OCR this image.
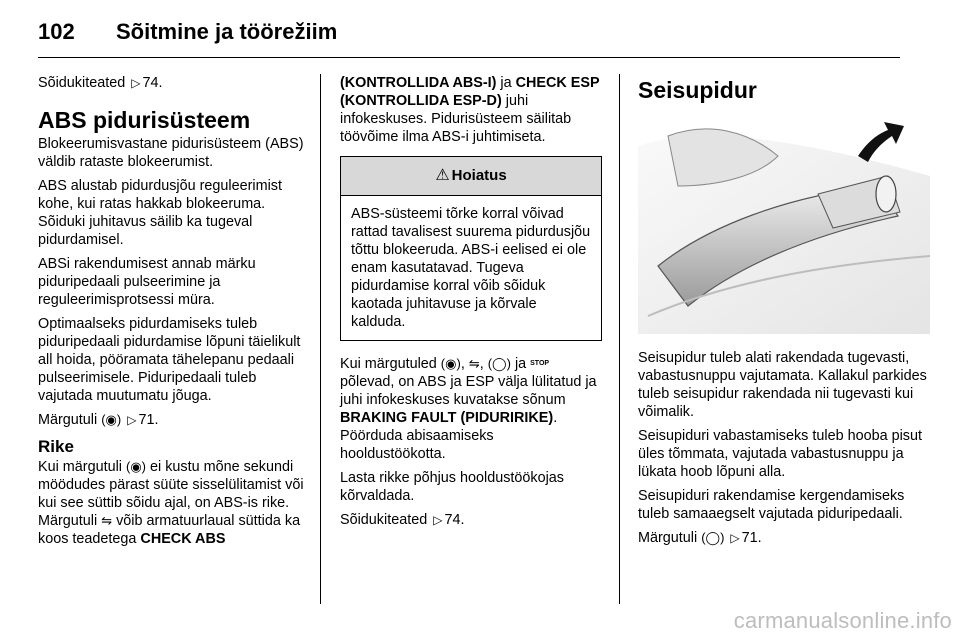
102	Sõitmine ja töörežiim

Sõidukiteated ▷ 74.

ABS pidurisüsteem

Blokeerumisvastane pidurisüsteem (ABS) väldib rataste blokeerumist.

ABS alustab pidurdusjõu reguleerimist kohe, kui ratas hakkab blokeeruma. Sõiduki juhitavus säilib ka tugeval pidurdamisel.

ABSi rakendumisest annab märku piduripedaali pulseerimine ja reguleerimisprotsessi müra.

Optimaalseks pidurdamiseks tuleb piduripedaali pidurdamise lõpuni täielikult all hoida, pööramata tähelepanu pedaali pulseerimisele. Piduripedaali tuleb vajutada muutumatu jõuga.

Märgutuli (◉) ▷ 71.

Rike

Kui märgutuli (◉) ei kustu mõne sekundi möödudes pärast süüte sisselülitamist või kui see süttib sõidu ajal, on ABS-is rike. Märgutuli ⇋ võib armatuurlaual süttida ka koos teadetega CHECK ABS

(KONTROLLIDA ABS-I) ja CHECK ESP (KONTROLLIDA ESP-D) juhi infokeskuses. Pidurisüsteem säilitab töövõime ilma ABS-i juhtimiseta.

⚠ Hoiatus
ABS-süsteemi tõrke korral võivad rattad tavalisest suurema pidurdusjõu tõttu blokeeruda. ABS-i eelised ei ole enam kasutatavad. Tugeva pidurdamise korral võib sõiduk kaotada juhitavuse ja kõrvale kalduda.

Kui märgutuled (◉), ⇋, (◯) ja STOP põlevad, on ABS ja ESP välja lülitatud ja juhi infokeskuses kuvatakse sõnum BRAKING FAULT (PIDURIRIKE). Pöörduda abisaamiseks hooldustöökotta.

Lasta rikke põhjus hooldustöökojas kõrvaldada.

Sõidukiteated ▷ 74.

Seisupidur

Seisupidur tuleb alati rakendada tugevasti, vabastusnuppu vajutamata. Kallakul parkides tuleb seisupidur rakendada nii tugevasti kui võimalik.

Seisupiduri vabastamiseks tuleb hooba pisut üles tõmmata, vajutada vabastusnuppu ja lükata hoob lõpuni alla.

Seisupiduri rakendamise kergendamiseks tuleb samaaegselt vajutada piduripedaali.

Märgutuli (◯) ▷ 71.

carmanualsonline.info
